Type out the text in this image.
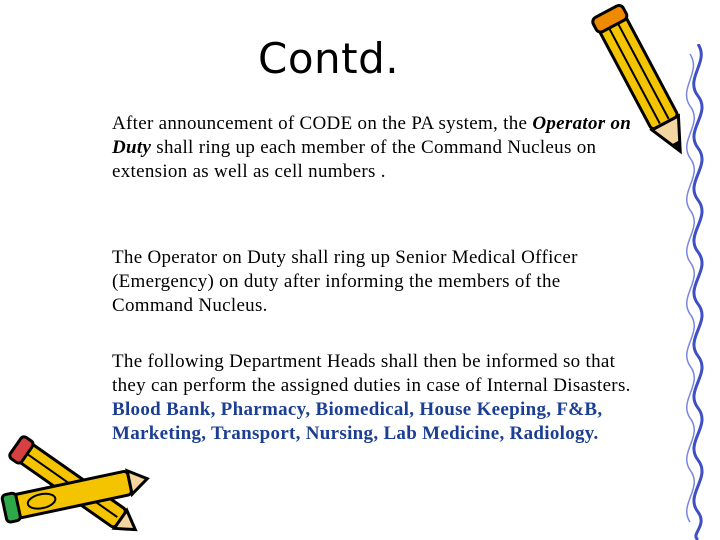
Contd.
After announcement of CODE on the PA system, the Operator on
Duty shall ring up each member of the Command Nucleus on
extension as well as cell numbers .
The Operator on Duty shall ring up Senior Medical Officer
(Emergency) on duty after informing the members of the
Command Nucleus.
The following Department Heads shall then be informed so that
they can perform the assigned duties in case of Internal Disasters.
Blood Bank, Pharmacy, Biomedical, House Keeping, F&B,
Marketing, Transport, Nursing, Lab Medicine, Radiology.
